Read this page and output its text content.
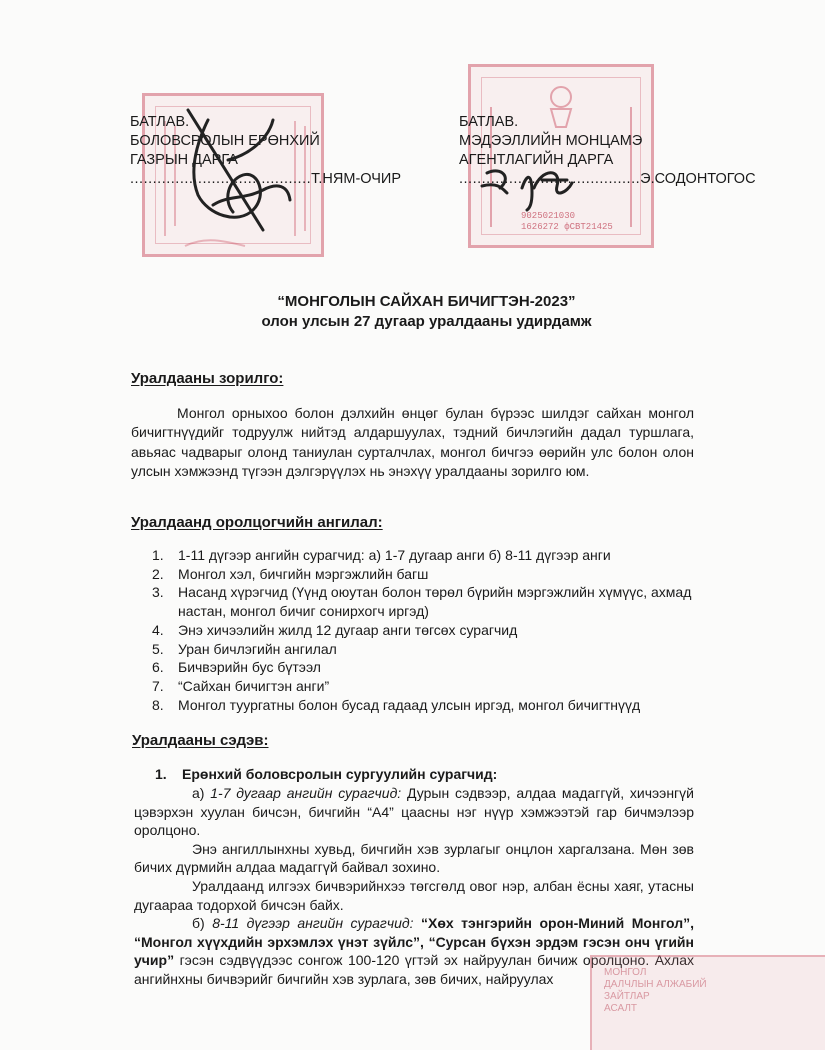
9025021030
1626272 фCBT21425
БАТЛАВ.
БОЛОВСРОЛЫН ЕРӨНХИЙ
ГАЗРЫН ДАРГА
........................................Т.НЯМ-ОЧИР
БАТЛАВ.
МЭДЭЭЛЛИЙН МОНЦАМЭ
АГЕНТЛАГИЙН ДАРГА
........................................Э.СОДОНТОГОС
“МОНГОЛЫН САЙХАН БИЧИГТЭН-2023”
олон улсын 27 дугаар уралдааны удирдамж
Уралдааны зорилго:
Монгол орныхоо болон дэлхийн өнцөг булан бүрээс шилдэг сайхан монгол бичигтнүүдийг тодруулж нийтэд алдаршуулах, тэдний бичлэгийн дадал туршлага, авьяас чадварыг олонд таниулан сурталчлах, монгол бичгээ өөрийн улс болон олон улсын хэмжээнд түгээн дэлгэрүүлэх нь энэхүү уралдааны зорилго юм.
Уралдаанд оролцогчийн ангилал:
1.	1-11 дүгээр ангийн сурагчид: а) 1-7 дугаар анги б) 8-11 дүгээр анги
2.	Монгол хэл, бичгийн мэргэжлийн багш
3.	Насанд хүрэгчид (Үүнд оюутан болон төрөл бүрийн мэргэжлийн хүмүүс, ахмад настан, монгол бичиг сонирхогч иргэд)
4.	Энэ хичээлийн жилд 12 дугаар анги төгсөх сурагчид
5.	Уран бичлэгийн ангилал
6.	Бичвэрийн бус бүтээл
7.	“Сайхан бичигтэн анги”
8.	Монгол туургатны болон бусад гадаад улсын иргэд, монгол бичигтнүүд
Уралдааны сэдэв:
1.	Ерөнхий боловсролын сургуулийн сурагчид:

а) 1-7 дугаар ангийн сурагчид: Дурын сэдвээр, алдаа мадаггүй, хичээнгүй цэвэрхэн хуулан бичсэн, бичгийн “А4” цаасны нэг нүүр хэмжээтэй гар бичмэлээр оролцоно.

Энэ ангиллынхны хувьд, бичгийн хэв зурлагыг онцлон харгалзана. Мөн зөв бичих дүрмийн алдаа мадаггүй байвал зохино.

Уралдаанд илгээх бичвэрийнхээ төгсгөлд овог нэр, албан ёсны хаяг, утасны дугаараа тодорхой бичсэн байх.

б) 8-11 дүгээр ангийн сурагчид: “Хөх тэнгэрийн орон-Миний Монгол”, “Монгол хүүхдийн эрхэмлэх үнэт зүйлс”, “Сурсан бүхэн эрдэм гэсэн онч үгийн учир” гэсэн сэдвүүдээс сонгож 100-120 үгтэй эх найруулан бичиж оролцоно. Ахлах ангийнхны бичвэрийг бичгийн хэв зурлага, зөв бичих, найруулах	МОНГОЛ
ДАЛЧЛЫН АЛЖАБИЙ
ЗАЙТЛАР
АСАЛТ
